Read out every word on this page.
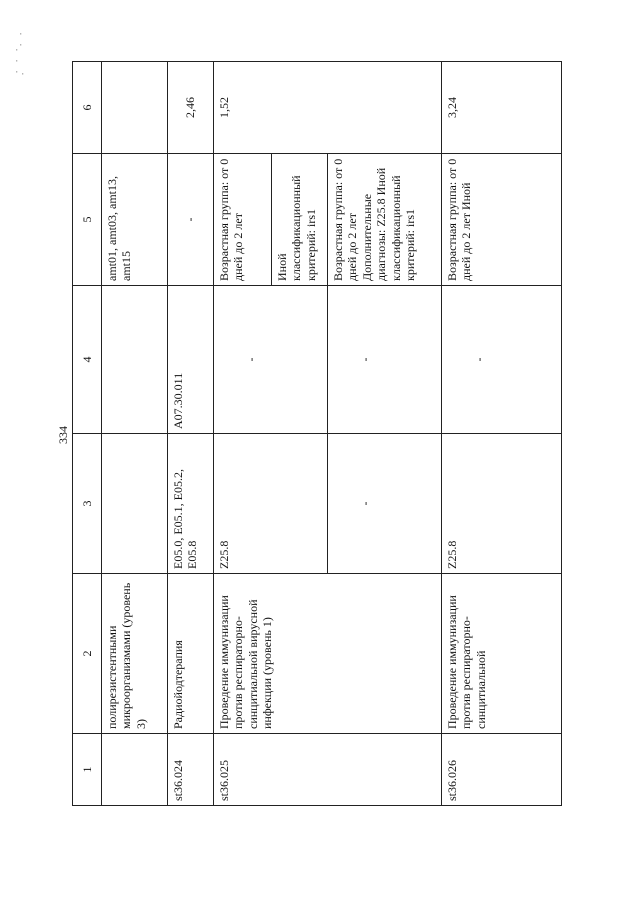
· ·
· · · ·
334
1	2	3	4	5	6
	полирезистентными микроорганизмами (уровень 3)			amt01, amt03, amt13, amt15	
st36.024	Радиойодтерапия	E05.0, E05.1, E05.2, E05.8	A07.30.011	-	2,46
st36.025	Проведение иммунизации против респираторно-синцитиальной вирусной инфекции (уровень 1)	Z25.8	-	Возрастная группа: от 0 дней до 2 лет	1,52
				Иной классификационный критерий: irs1	
		-	-	Возрастная группа: от 0 дней до 2 лет Дополнительные диагнозы: Z25.8 Иной классификационный критерий: irs1	
st36.026	Проведение иммунизации против респираторно-синцитиальной	Z25.8	-	Возрастная группа: от 0 дней до 2 лет Иной	3,24
